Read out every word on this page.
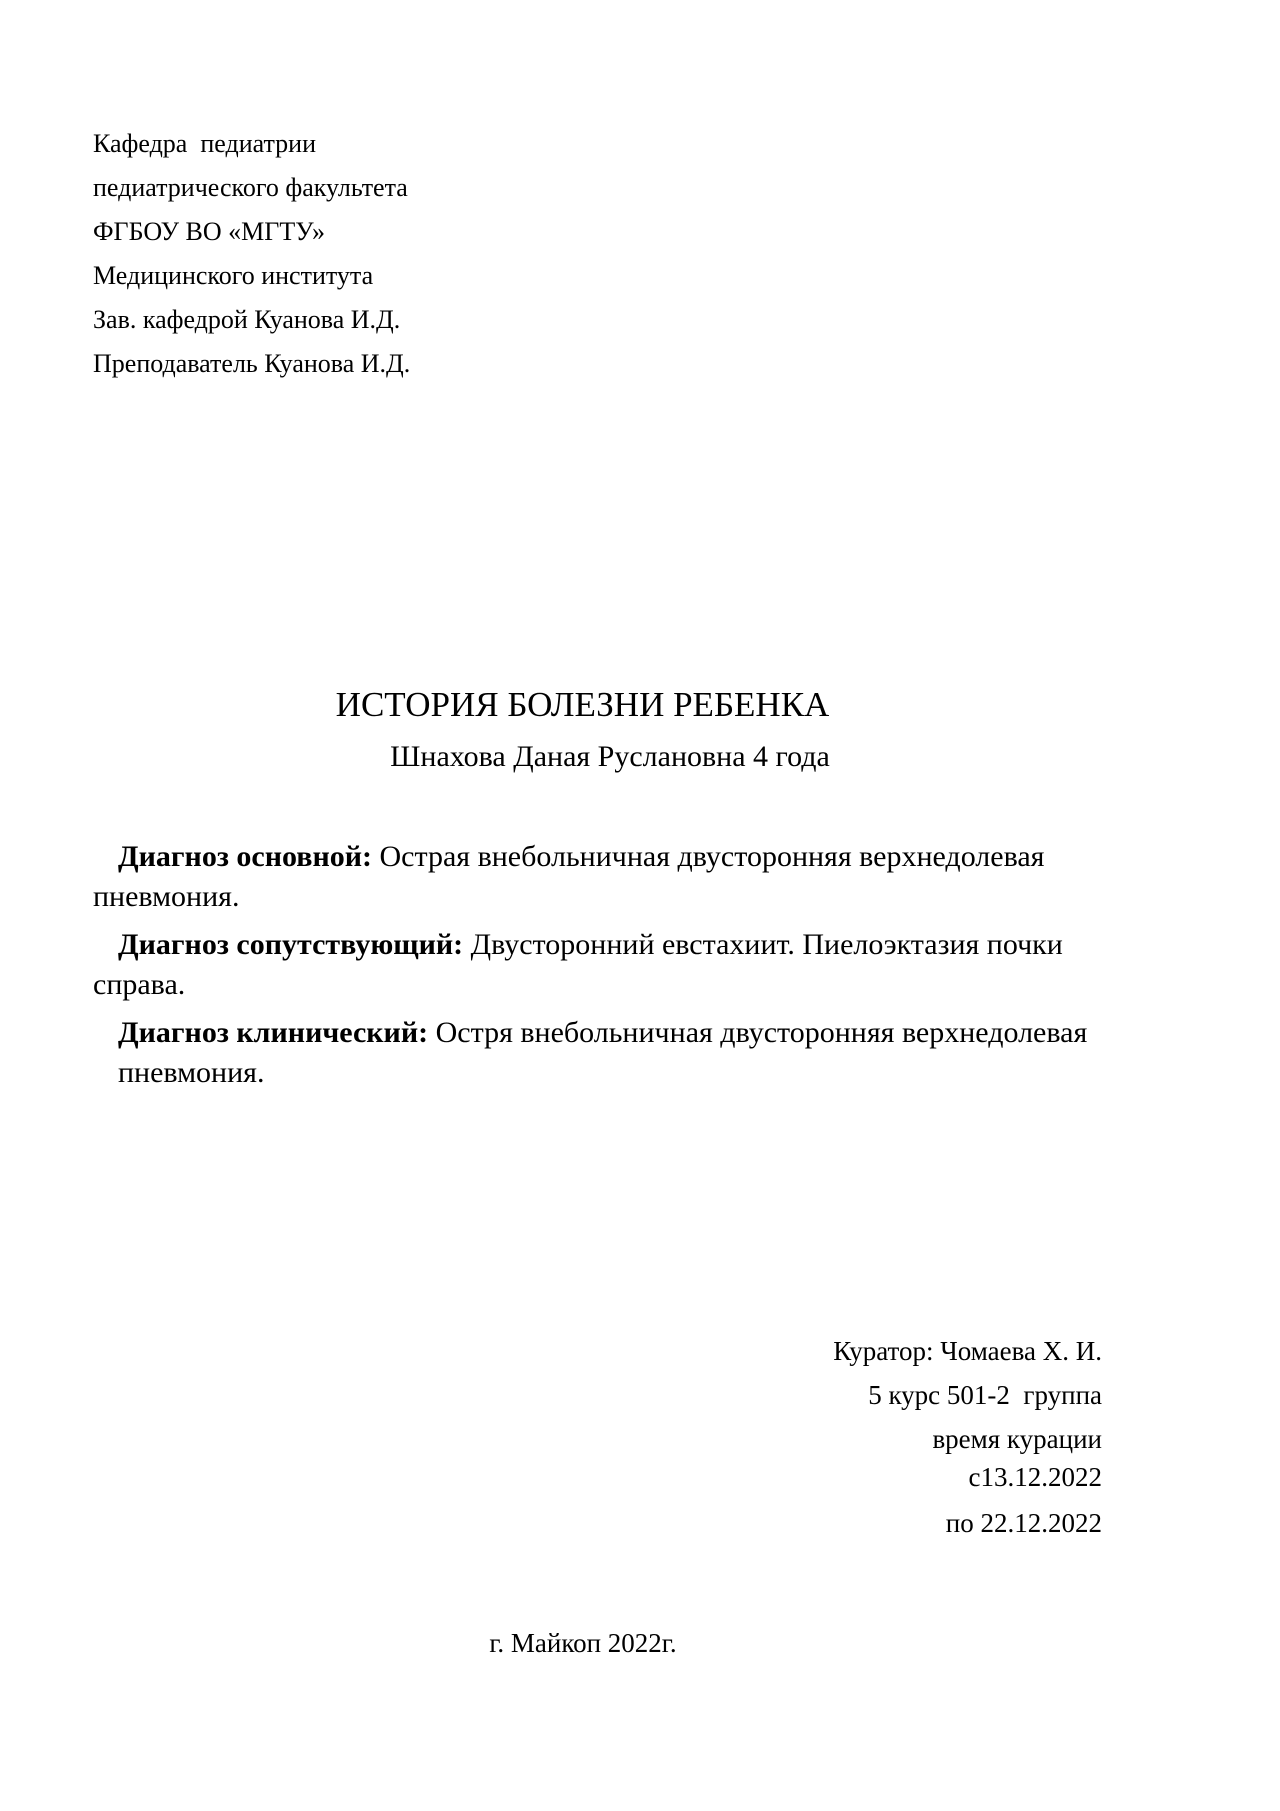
Кафедра  педиатрии
педиатрического факультета
ФГБОУ ВО «МГТУ»
Медицинского института
Зав. кафедрой Куанова И.Д.
Преподаватель Куанова И.Д.
ИСТОРИЯ БОЛЕЗНИ РЕБЕНКА
Шнахова Даная Руслановна 4 года

Диагноз основной: Острая внебольничная двусторонняя верхнедолевая пневмония.

Диагноз сопутствующий: Двусторонний евстахиит. Пиелоэктазия почки справа.

Диагноз клинический: Остря внебольничная двусторонняя верхнедолевая пневмония.

Куратор: Чомаева Х. И.
5 курс 501-2  группа
время курации
с13.12.2022
по 22.12.2022
г. Майкоп 2022г.
